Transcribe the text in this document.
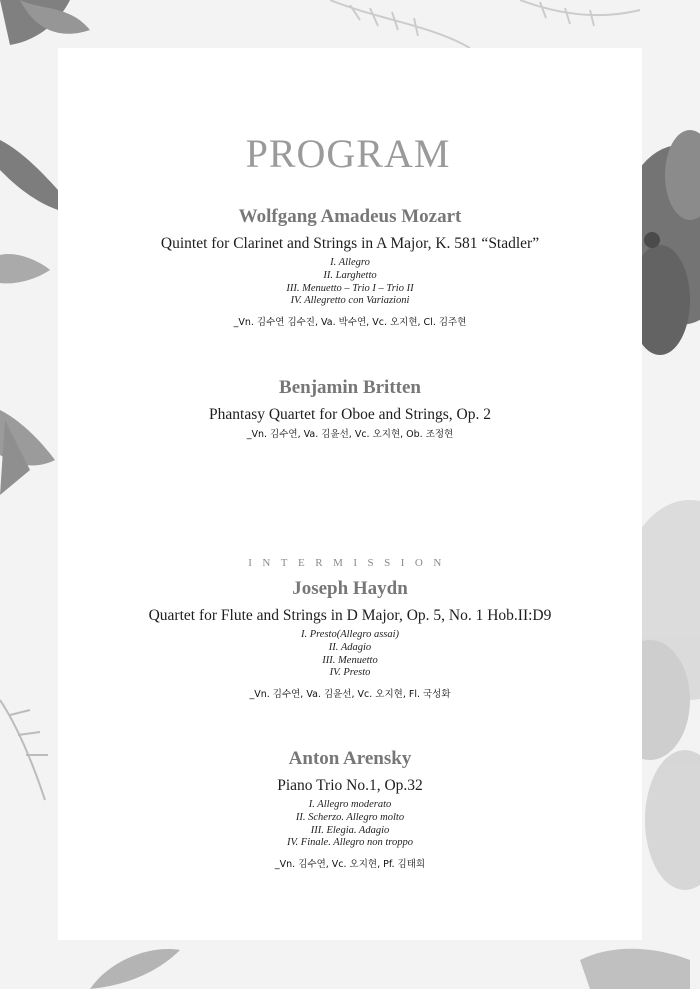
PROGRAM
Wolfgang Amadeus Mozart
Quintet for Clarinet and Strings in A Major, K. 581 “Stadler”
I. Allegro
II. Larghetto
III. Menuetto – Trio I – Trio II
IV. Allegretto con Variazioni
_Vn. 김수연 김수진, Va. 박수연, Vc. 오지현, Cl. 김주현
Benjamin Britten
Phantasy Quartet for Oboe and Strings, Op. 2
_Vn. 김수연, Va. 김윤선, Vc. 오지현, Ob. 조정현
INTERMISSION
Joseph Haydn
Quartet for Flute and Strings in D Major, Op. 5, No. 1 Hob.II:D9
I. Presto(Allegro assai)
II. Adagio
III. Menuetto
IV. Presto
_Vn. 김수연, Va. 김윤선, Vc. 오지현, Fl. 국성화
Anton Arensky
Piano Trio No.1, Op.32
I. Allegro moderato
II. Scherzo. Allegro molto
III. Elegia. Adagio
IV. Finale. Allegro non troppo
_Vn. 김수연, Vc. 오지현, Pf. 김태희
